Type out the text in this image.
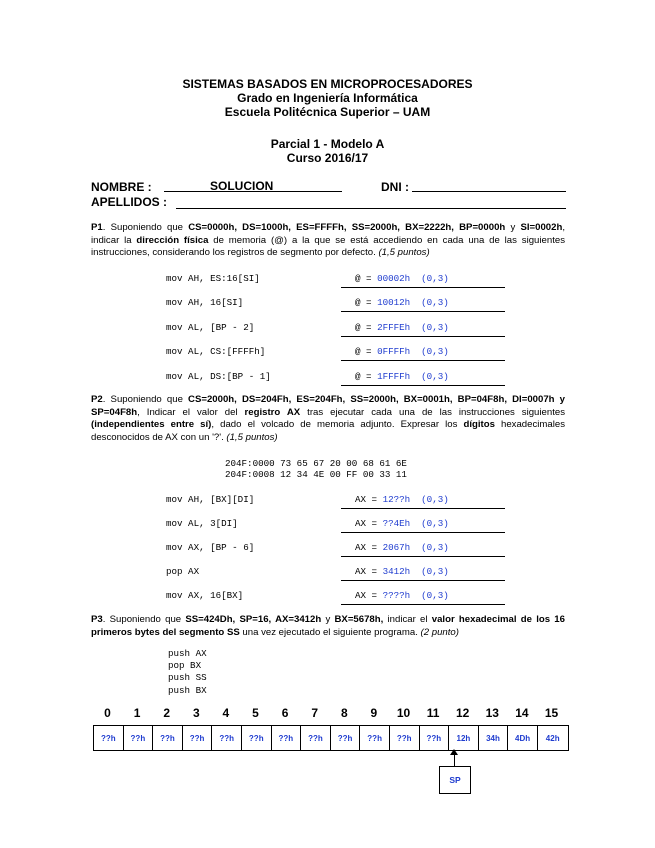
SISTEMAS BASADOS EN MICROPROCESADORES
Grado en Ingeniería Informática
Escuela Politécnica Superior – UAM
Parcial 1 - Modelo A
Curso 2016/17
NOMBRE :	SOLUCION	DNI :
APELLIDOS :
P1. Suponiendo que CS=0000h, DS=1000h, ES=FFFFh, SS=2000h, BX=2222h, BP=0000h y SI=0002h, indicar la dirección física de memoria (@) a la que se está accediendo en cada una de las siguientes instrucciones, considerando los registros de segmento por defecto. (1,5 puntos)
mov AH, ES:16[SI]	@ = 00002h  (0,3)
mov AH, 16[SI]	@ = 10012h  (0,3)
mov AL, [BP - 2]	@ = 2FFFEh  (0,3)
mov AL, CS:[FFFFh]	@ = 0FFFFh  (0,3)
mov AL, DS:[BP - 1]	@ = 1FFFFh  (0,3)
P2. Suponiendo que CS=2000h, DS=204Fh, ES=204Fh, SS=2000h, BX=0001h, BP=04F8h, DI=0007h y SP=04F8h, Indicar el valor del registro AX tras ejecutar cada una de las instrucciones siguientes (independientes entre sí), dado el volcado de memoria adjunto. Expresar los dígitos hexadecimales desconocidos de AX con un '?'. (1,5 puntos)
204F:0000 73 65 67 20 00 68 61 6E
204F:0008 12 34 4E 00 FF 00 33 11
mov AH, [BX][DI]	AX = 12??h  (0,3)
mov AL, 3[DI]	AX = ??4Eh  (0,3)
mov AX, [BP - 6]	AX = 2067h  (0,3)
pop AX	AX = 3412h  (0,3)
mov AX, 16[BX]	AX = ????h  (0,3)
P3. Suponiendo que SS=424Dh, SP=16, AX=3412h y BX=5678h, indicar el valor hexadecimal de los 16 primeros bytes del segmento SS una vez ejecutado el siguiente programa. (2 punto)
push AX
pop BX
push SS
push BX
0	1	2	3	4	5	6	7	8	9	10	11	12	13	14	15
??h	??h	??h	??h	??h	??h	??h	??h	??h	??h	??h	??h	12h	34h	4Dh	42h
SP
